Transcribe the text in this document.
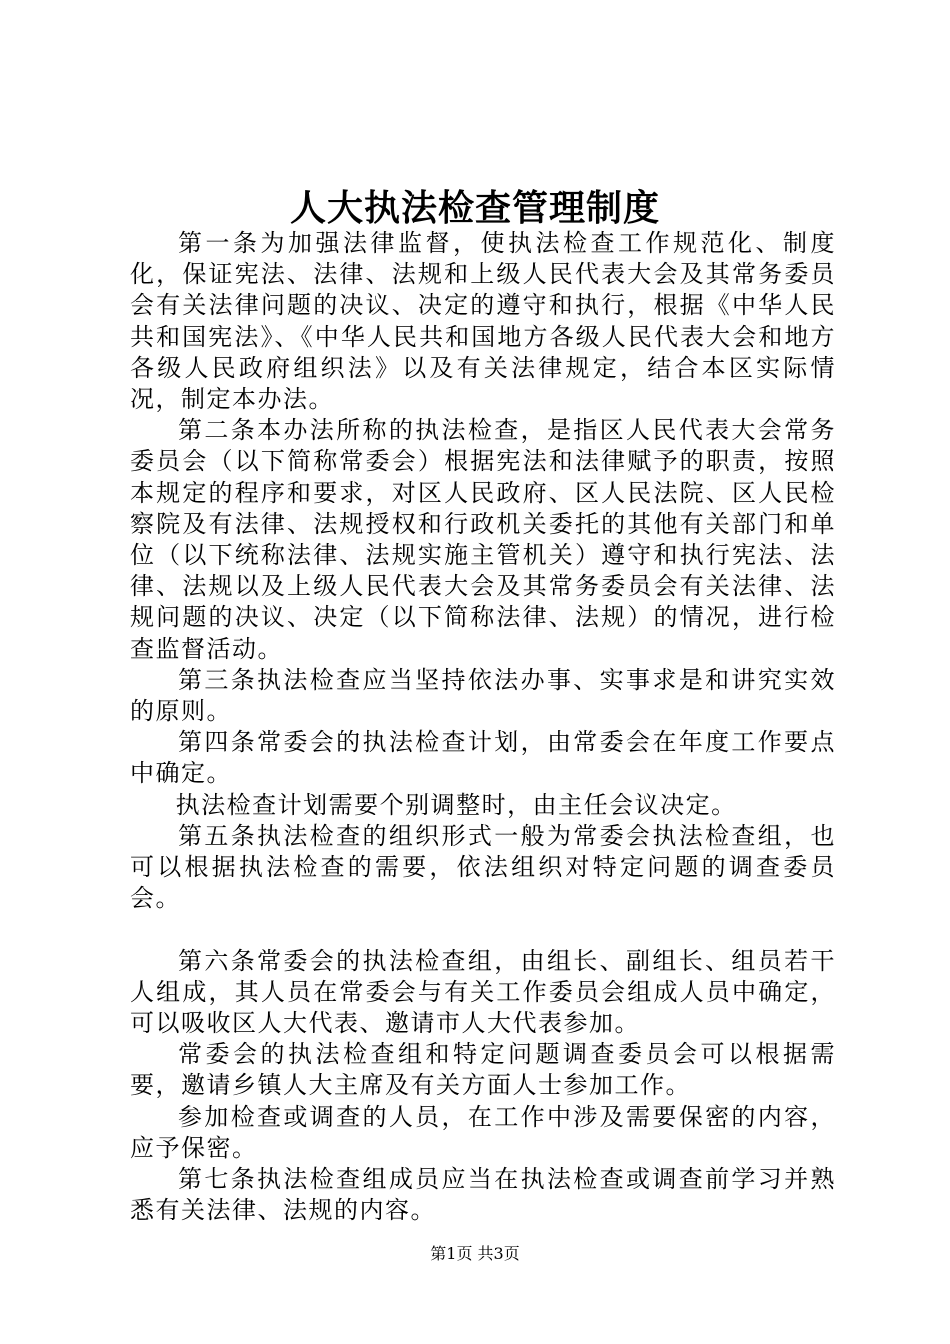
人大执法检查管理制度

第一条为加强法律监督，使执法检查工作规范化、制度化，保证宪法、法律、法规和上级人民代表大会及其常务委员会有关法律问题的决议、决定的遵守和执行，根据《中华人民共和国宪法》、《中华人民共和国地方各级人民代表大会和地方各级人民政府组织法》以及有关法律规定，结合本区实际情况，制定本办法。

第二条本办法所称的执法检查，是指区人民代表大会常务委员会（以下简称常委会）根据宪法和法律赋予的职责，按照本规定的程序和要求，对区人民政府、区人民法院、区人民检察院及有法律、法规授权和行政机关委托的其他有关部门和单位（以下统称法律、法规实施主管机关）遵守和执行宪法、法律、法规以及上级人民代表大会及其常务委员会有关法律、法规问题的决议、决定（以下简称法律、法规）的情况，进行检查监督活动。

第三条执法检查应当坚持依法办事、实事求是和讲究实效的原则。

第四条常委会的执法检查计划，由常委会在年度工作要点中确定。

执法检查计划需要个别调整时，由主任会议决定。

第五条执法检查的组织形式一般为常委会执法检查组，也可以根据执法检查的需要，依法组织对特定问题的调查委员会。

第六条常委会的执法检查组，由组长、副组长、组员若干人组成，其人员在常委会与有关工作委员会组成人员中确定，可以吸收区人大代表、邀请市人大代表参加。

常委会的执法检查组和特定问题调查委员会可以根据需要，邀请乡镇人大主席及有关方面人士参加工作。

参加检查或调查的人员，在工作中涉及需要保密的内容，应予保密。

第七条执法检查组成员应当在执法检查或调查前学习并熟悉有关法律、法规的内容。

第1页 共3页
